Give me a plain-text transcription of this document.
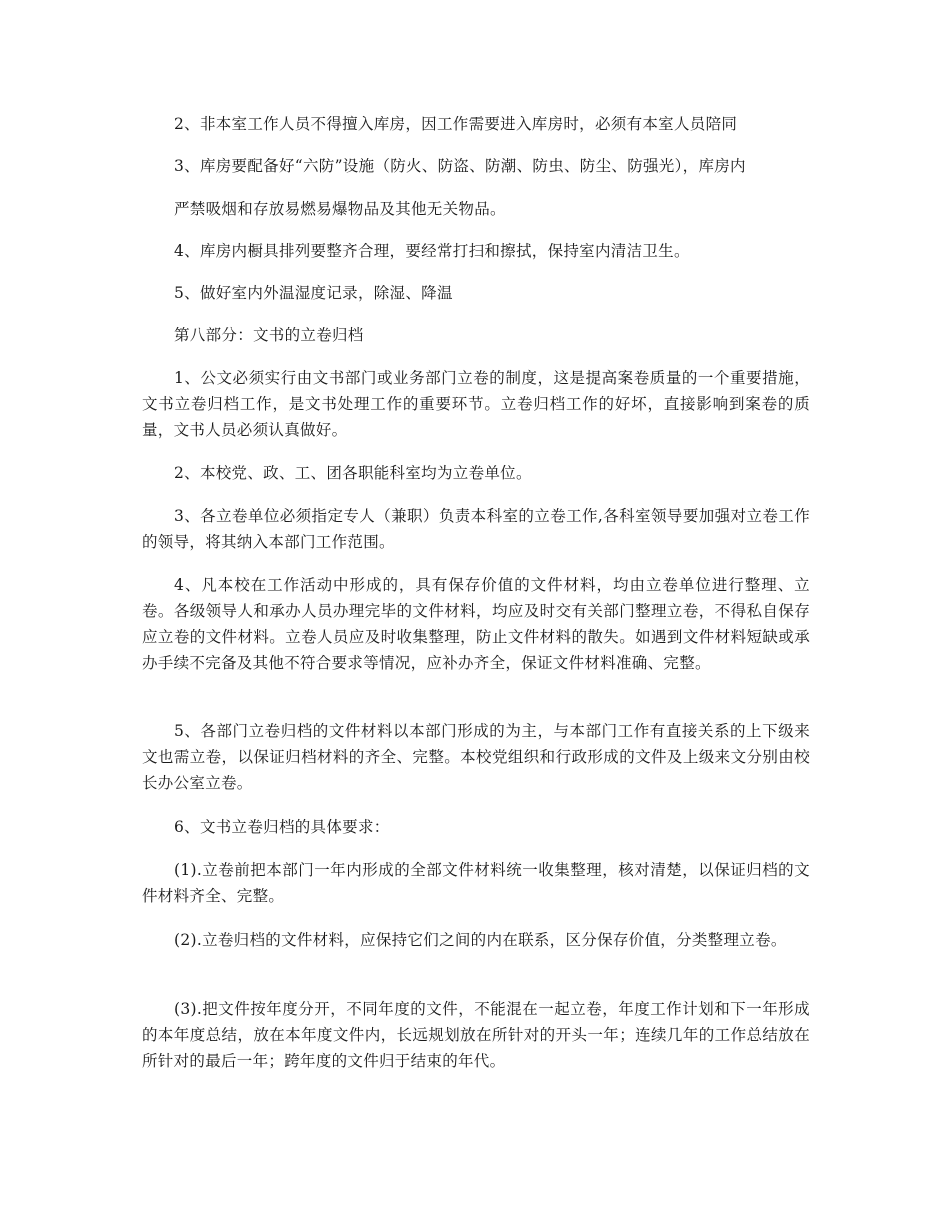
2、非本室工作人员不得擅入库房，因工作需要进入库房时，必须有本室人员陪同

3、库房要配备好“六防”设施（防火、防盗、防潮、防虫、防尘、防强光），库房内

严禁吸烟和存放易燃易爆物品及其他无关物品。

4、库房内橱具排列要整齐合理，要经常打扫和擦拭，保持室内清洁卫生。

5、做好室内外温湿度记录，除湿、降温

第八部分：文书的立卷归档

1、公文必须实行由文书部门或业务部门立卷的制度，这是提高案卷质量的一个重要措施，文书立卷归档工作，是文书处理工作的重要环节。立卷归档工作的好坏，直接影响到案卷的质量，文书人员必须认真做好。

2、本校党、政、工、团各职能科室均为立卷单位。

3、各立卷单位必须指定专人（兼职）负责本科室的立卷工作,各科室领导要加强对立卷工作的领导，将其纳入本部门工作范围。

4、凡本校在工作活动中形成的，具有保存价值的文件材料，均由立卷单位进行整理、立卷。各级领导人和承办人员办理完毕的文件材料，均应及时交有关部门整理立卷，不得私自保存应立卷的文件材料。立卷人员应及时收集整理，防止文件材料的散失。如遇到文件材料短缺或承办手续不完备及其他不符合要求等情况，应补办齐全，保证文件材料准确、完整。

5、各部门立卷归档的文件材料以本部门形成的为主，与本部门工作有直接关系的上下级来文也需立卷，以保证归档材料的齐全、完整。本校党组织和行政形成的文件及上级来文分别由校长办公室立卷。

6、文书立卷归档的具体要求：

(1).立卷前把本部门一年内形成的全部文件材料统一收集整理，核对清楚，以保证归档的文件材料齐全、完整。

(2).立卷归档的文件材料，应保持它们之间的内在联系，区分保存价值，分类整理立卷。

(3).把文件按年度分开，不同年度的文件，不能混在一起立卷，年度工作计划和下一年形成的本年度总结，放在本年度文件内，长远规划放在所针对的开头一年；连续几年的工作总结放在所针对的最后一年；跨年度的文件归于结束的年代。
